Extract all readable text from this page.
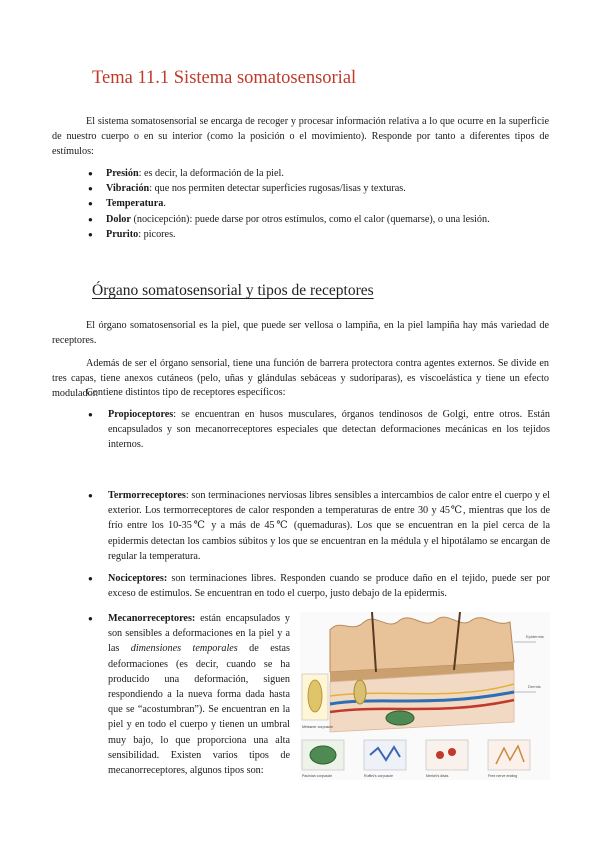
Tema 11.1 Sistema somatosensorial

El sistema somatosensorial se encarga de recoger y procesar información relativa a lo que ocurre en la superficie de nuestro cuerpo o en su interior (como la posición o el movimiento). Responde por tanto a diferentes tipos de estímulos:

● Presión: es decir, la deformación de la piel.
● Vibración: que nos permiten detectar superficies rugosas/lisas y texturas.
● Temperatura.
● Dolor (nocicepción): puede darse por otros estímulos, como el calor (quemarse), o una lesión.
● Prurito: picores.
Órgano somatosensorial y tipos de receptores

El órgano somatosensorial es la piel, que puede ser vellosa o lampiña, en la piel lampiña hay más variedad de receptores.

Además de ser el órgano sensorial, tiene una función de barrera protectora contra agentes externos. Se divide en tres capas, tiene anexos cutáneos (pelo, uñas y glándulas sebáceas y sudoríparas), es viscoelástica y tiene un efecto modulador.

Contiene distintos tipo de receptores específicos:

● Propioceptores: se encuentran en husos musculares, órganos tendinosos de Golgi, entre otros. Están encapsulados y son mecanorreceptores especiales que detectan deformaciones mecánicas en los tejidos internos.
● Termorreceptores: son terminaciones nerviosas libres sensibles a intercambios de calor entre el cuerpo y el exterior. Los termorreceptores de calor responden a temperaturas de entre 30 y 45℃, mientras que los de frío entre los 10-35℃ y a más de 45℃ (quemaduras). Los que se encuentran en la piel cerca de la epidermis detectan los cambios súbitos y los que se encuentran en la médula y el hipotálamo se encargan de regular la temperatura.
● Nociceptores: son terminaciones libres. Responden cuando se produce daño en el tejido, puede ser por exceso de estímulos. Se encuentran en todo el cuerpo, justo debajo de la epidermis.
● Mecanorreceptores: están encapsulados y son sensibles a deformaciones en la piel y a las dimensiones temporales de estas deformaciones (es decir, cuando se ha producido una deformación, siguen respondiendo a la nueva forma dada hasta que se “acostumbran”). Se encuentran en la piel y en todo el cuerpo y tienen un umbral muy bajo, lo que proporciona una alta sensibilidad. Existen varios tipos de mecanorreceptores, algunos tipos son:
Epidermis
Dermis
Meissner corpuscle
Pacinian corpuscle	Ruffini's corpuscle	Merkel's disks	Free nerve ending
